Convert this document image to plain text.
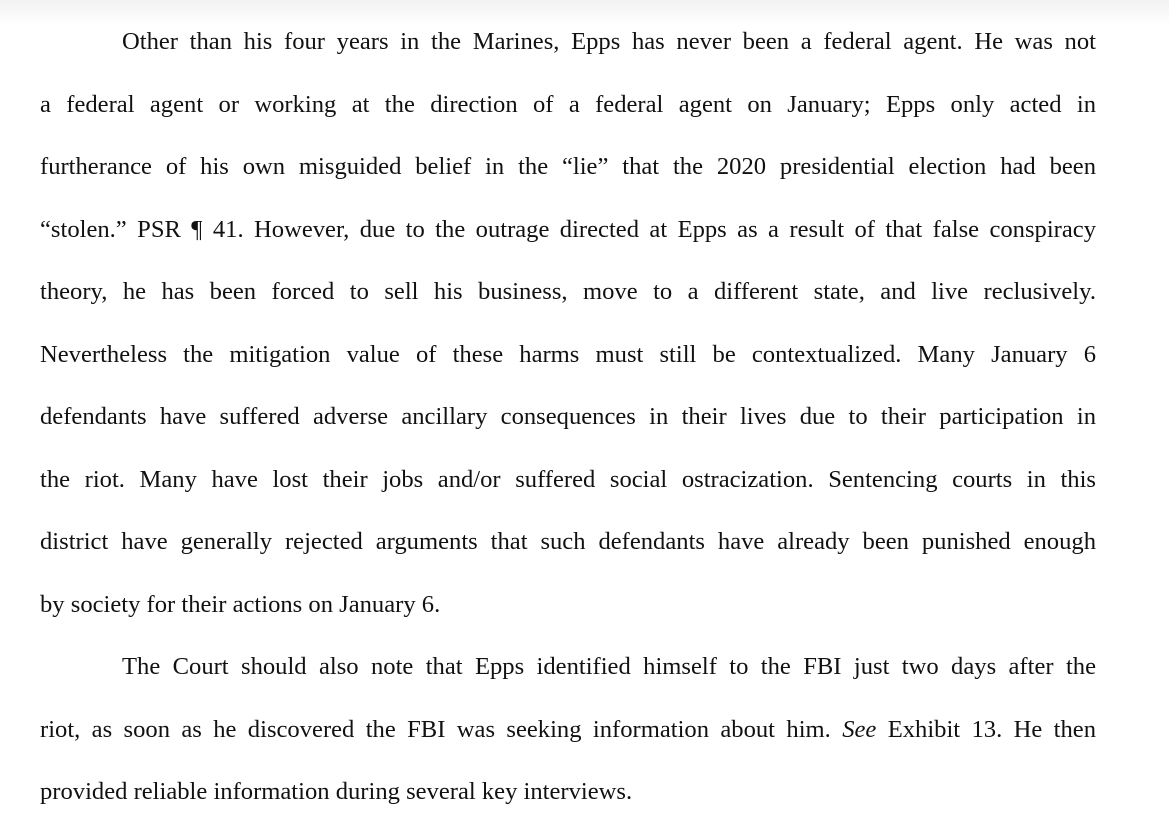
Other than his four years in the Marines, Epps has never been a federal agent. He was not
a federal agent or working at the direction of a federal agent on January; Epps only acted in
furtherance of his own misguided belief in the “lie” that the 2020 presidential election had been
“stolen.” PSR ¶ 41. However, due to the outrage directed at Epps as a result of that false conspiracy
theory, he has been forced to sell his business, move to a different state, and live reclusively.
Nevertheless the mitigation value of these harms must still be contextualized. Many January 6
defendants have suffered adverse ancillary consequences in their lives due to their participation in
the riot. Many have lost their jobs and/or suffered social ostracization. Sentencing courts in this
district have generally rejected arguments that such defendants have already been punished enough
by society for their actions on January 6.
The Court should also note that Epps identified himself to the FBI just two days after the
riot, as soon as he discovered the FBI was seeking information about him. See Exhibit 13. He then
provided reliable information during several key interviews.
